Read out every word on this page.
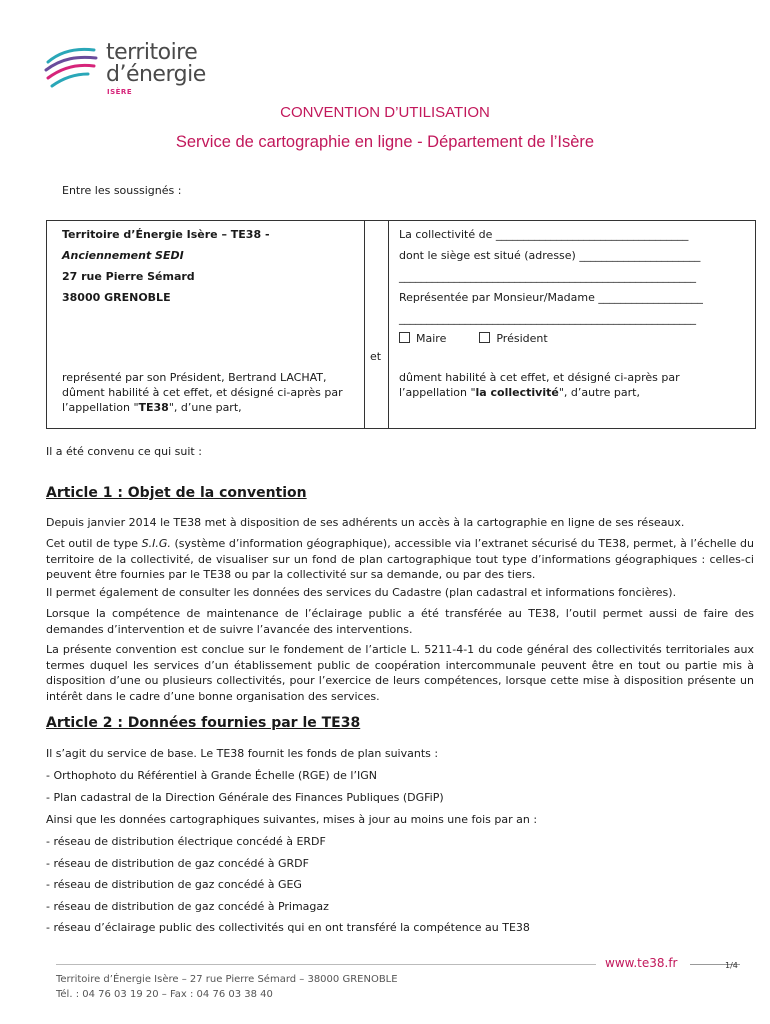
territoire
d’énergie
ISÈRE
CONVENTION D’UTILISATION
Service de cartographie en ligne - Département de l’Isère
Entre les soussignés :
Territoire d’Énergie Isère – TE38 -
Anciennement SEDI
27 rue Pierre Sémard
38000 GRENOBLE
représenté par son Président, Bertrand LACHAT,
dûment habilité à cet effet, et désigné ci-après par
l’appellation "TE38", d’une part,
et
La collectivité de ___________________________________
dont le siège est situé (adresse) ______________________
______________________________________________________
Représentée par Monsieur/Madame ___________________
______________________________________________________
Maire	Président
dûment habilité à cet effet, et désigné ci-après par
l’appellation "la collectivité", d’autre part,
Il a été convenu ce qui suit :
Article 1 : Objet de la convention
Depuis janvier 2014 le TE38 met à disposition de ses adhérents un accès à la cartographie en ligne de ses réseaux.
Cet outil de type S.I.G. (système d’information géographique), accessible via l’extranet sécurisé du TE38, permet, à l’échelle du territoire de la collectivité, de visualiser sur un fond de plan cartographique tout type d’informations géographiques : celles-ci peuvent être fournies par le TE38 ou par la collectivité sur sa demande, ou par des tiers.
Il permet également de consulter les données des services du Cadastre (plan cadastral et informations foncières).
Lorsque la compétence de maintenance de l’éclairage public a été transférée au TE38, l’outil permet aussi de faire des demandes d’intervention et de suivre l’avancée des interventions.
La présente convention est conclue sur le fondement de l’article L. 5211-4-1 du code général des collectivités territoriales aux termes duquel les services d’un établissement public de coopération intercommunale peuvent être en tout ou partie mis à disposition d’une ou plusieurs collectivités, pour l’exercice de leurs compétences, lorsque cette mise à disposition présente un intérêt dans le cadre d’une bonne organisation des services.
Article 2 : Données fournies par le TE38
Il s’agit du service de base. Le TE38 fournit les fonds de plan suivants :
- Orthophoto du Référentiel à Grande Échelle (RGE) de l’IGN
- Plan cadastral de la Direction Générale des Finances Publiques (DGFiP)
Ainsi que les données cartographiques suivantes, mises à jour au moins une fois par an :
- réseau de distribution électrique concédé à ERDF
- réseau de distribution de gaz concédé à GRDF
- réseau de distribution de gaz concédé à GEG
- réseau de distribution de gaz concédé à Primagaz
- réseau d’éclairage public des collectivités qui en ont transféré la compétence au TE38
www.te38.fr	1/4
Territoire d’Énergie Isère – 27 rue Pierre Sémard – 38000 GRENOBLE
Tél. : 04 76 03 19 20 – Fax : 04 76 03 38 40
